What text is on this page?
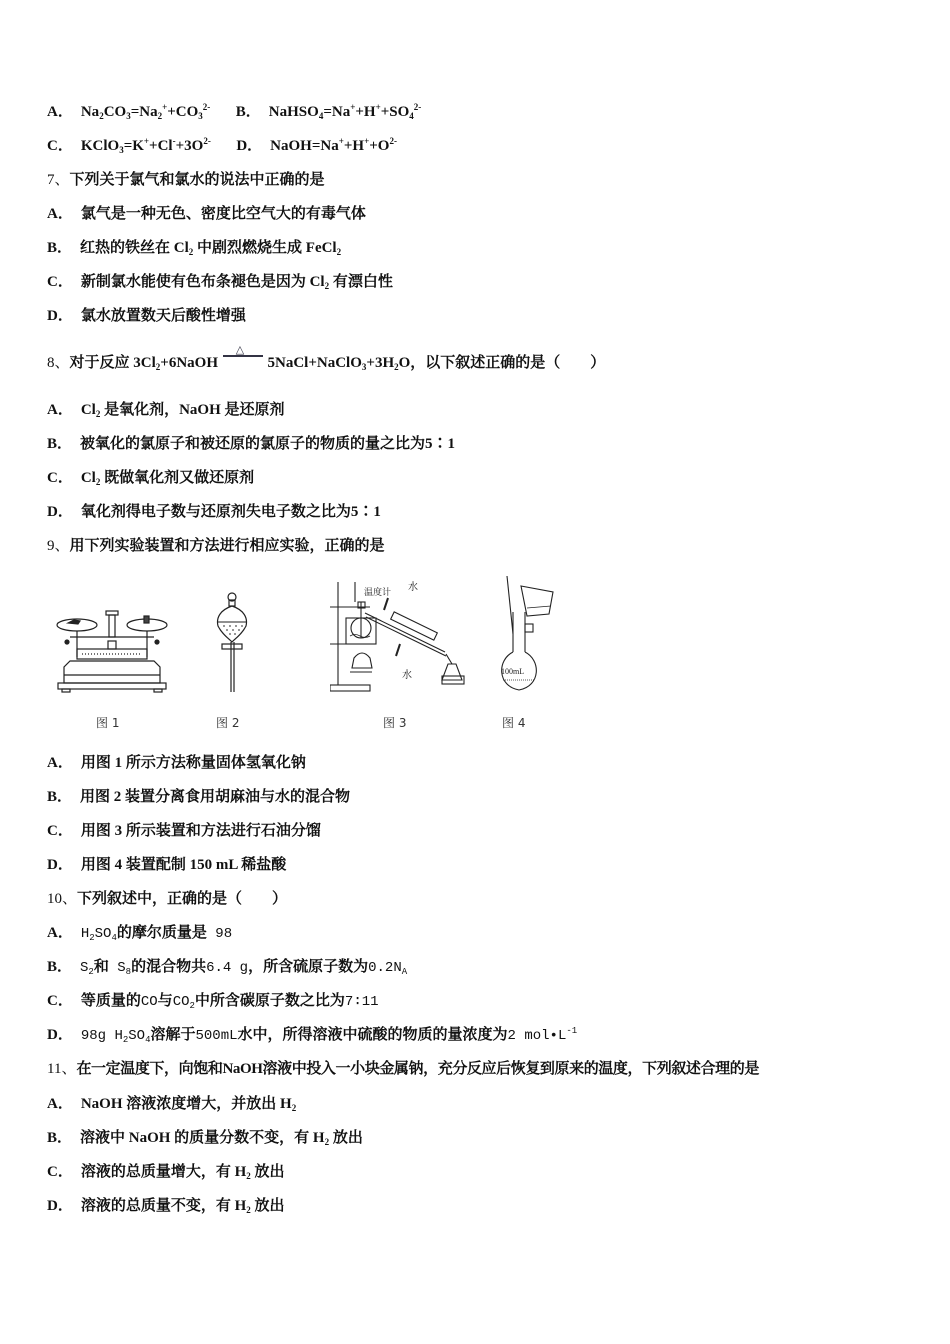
A． $Na_2CO_3=Na_2^++CO_3^{2-}$ B． $NaHSO_4=Na^++H^++SO_4^{2-}$
C． $KClO_3=K^++Cl^-+3O^{2-}$ D． $NaOH=Na^++H^++O^{2-}$
7、下列关于氯气和氯水的说法中正确的是
A． 氯气是一种无色、密度比空气大的有毒气体
B． 红热的铁丝在 $Cl_2$ 中剧烈燃烧生成 FeCl$_2$
C． 新制氯水能使有色布条褪色是因为 $Cl_2$ 有漂白性
D． 氯水放置数天后酸性增强
8、对于反应 $3Cl_2+6NaOH$
△
$5NaCl+NaClO_3+3H_2O$，以下叙述正确的是（　　）
A． $Cl_2$ 是氧化剂，NaOH 是还原剂
B． 被氧化的氯原子和被还原的氯原子的物质的量之比为5∶1
C． $Cl_2$ 既做氧化剂又做还原剂
D． 氧化剂得电子数与还原剂失电子数之比为5∶1
9、用下列实验装置和方法进行相应实验，正确的是
图 1	图 2
温度计 水
水
图 3
100mL
图 4
A． 用图 1 所示方法称量固体氢氧化钠
B． 用图 2 装置分离食用胡麻油与水的混合物
C． 用图 3 所示装置和方法进行石油分馏
D． 用图 4 装置配制 150 mL 稀盐酸
10、下列叙述中，正确的是（　　）
A． $H_2SO_4$的摩尔质量是 98
B． $S_2$和 $S_8$的混合物共6.4 g，所含硫原子数为$0.2N_A$
C． 等质量的CO与$CO_2$中所含碳原子数之比为7∶11
D． 98g $H_2SO_4$溶解于500mL水中，所得溶液中硫酸的物质的量浓度为2 $mol•L^{-1}$
11、在一定温度下，向饱和NaOH溶液中投入一小块金属钠，充分反应后恢复到原来的温度，下列叙述合理的是
A． NaOH 溶液浓度增大，并放出 $H_2$
B． 溶液中 NaOH 的质量分数不变，有 $H_2$ 放出
C． 溶液的总质量增大，有 $H_2$ 放出
D． 溶液的总质量不变，有 $H_2$ 放出
